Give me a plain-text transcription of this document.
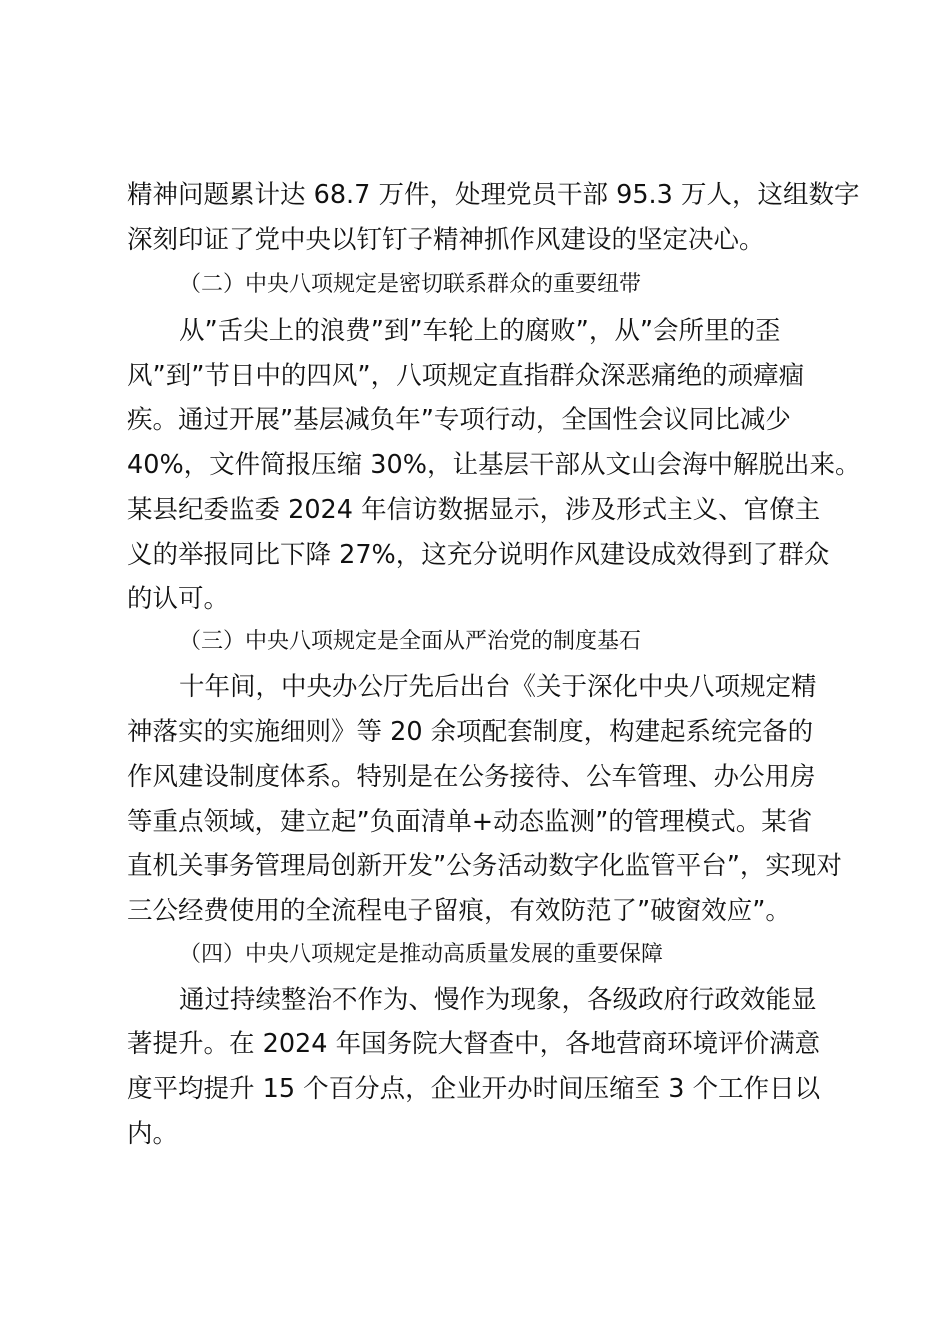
精神问题累计达 68.7 万件，处理党员干部 95.3 万人，这组数字
深刻印证了党中央以钉钉子精神抓作风建设的坚定决心。
（二）中央八项规定是密切联系群众的重要纽带
从”舌尖上的浪费”到”车轮上的腐败”，从”会所里的歪
风”到”节日中的四风”，八项规定直指群众深恶痛绝的顽瘴痼
疾。通过开展”基层减负年”专项行动，全国性会议同比减少
40%，文件简报压缩 30%，让基层干部从文山会海中解脱出来。
某县纪委监委 2024 年信访数据显示，涉及形式主义、官僚主
义的举报同比下降 27%，这充分说明作风建设成效得到了群众
的认可。
（三）中央八项规定是全面从严治党的制度基石
十年间，中央办公厅先后出台《关于深化中央八项规定精
神落实的实施细则》等 20 余项配套制度，构建起系统完备的
作风建设制度体系。特别是在公务接待、公车管理、办公用房
等重点领域，建立起”负面清单+动态监测”的管理模式。某省
直机关事务管理局创新开发”公务活动数字化监管平台”，实现对
三公经费使用的全流程电子留痕，有效防范了”破窗效应”。
（四）中央八项规定是推动高质量发展的重要保障
通过持续整治不作为、慢作为现象，各级政府行政效能显
著提升。在 2024 年国务院大督查中，各地营商环境评价满意
度平均提升 15 个百分点，企业开办时间压缩至 3 个工作日以
内。
